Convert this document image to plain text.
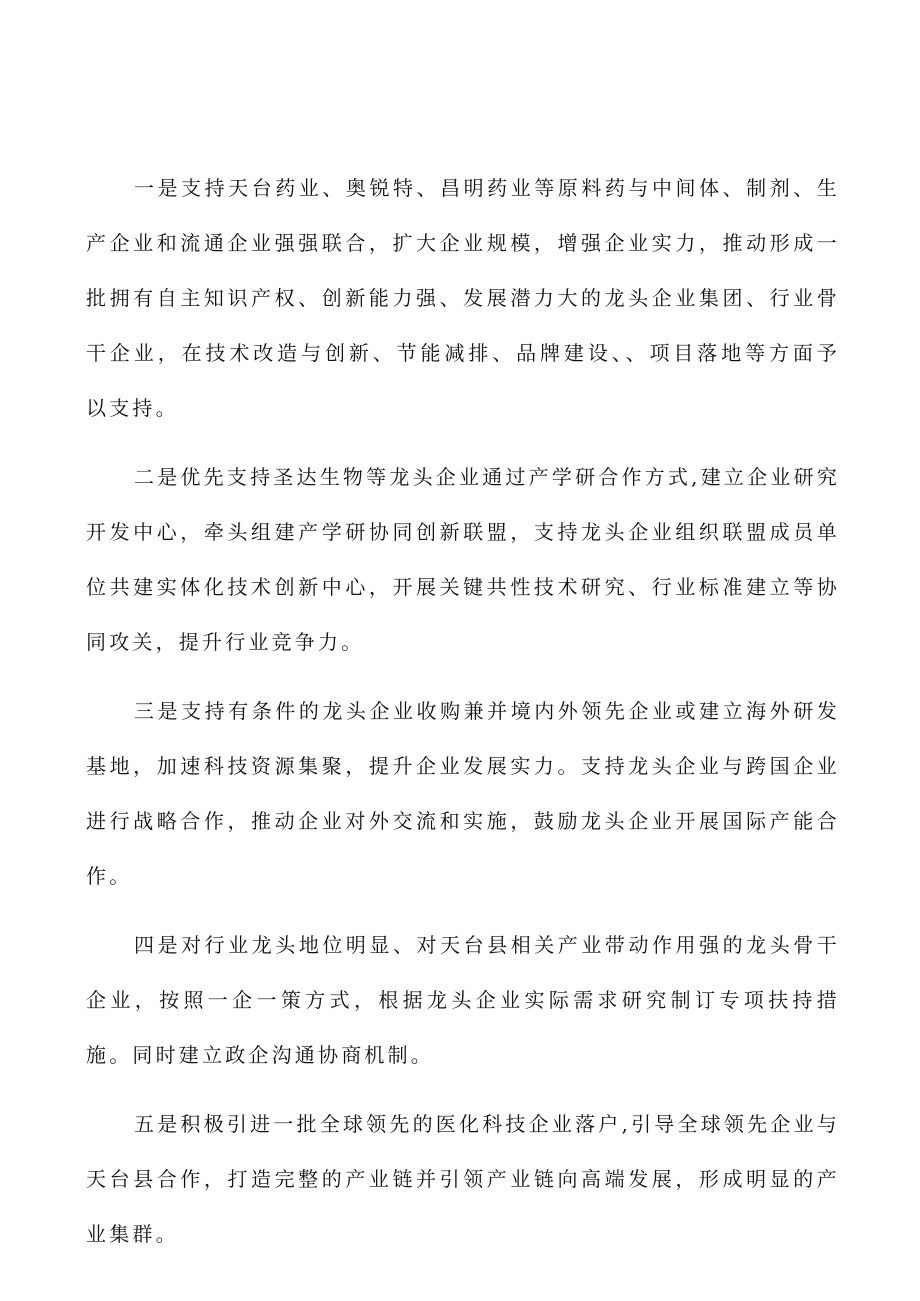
一是支持天台药业、奥锐特、昌明药业等原料药与中间体、制剂、生产企业和流通企业强强联合，扩大企业规模，增强企业实力，推动形成一批拥有自主知识产权、创新能力强、发展潜力大的龙头企业集团、行业骨干企业，在技术改造与创新、节能减排、品牌建设、、项目落地等方面予以支持。

二是优先支持圣达生物等龙头企业通过产学研合作方式,建立企业研究开发中心，牵头组建产学研协同创新联盟，支持龙头企业组织联盟成员单位共建实体化技术创新中心，开展关键共性技术研究、行业标准建立等协同攻关，提升行业竞争力。

三是支持有条件的龙头企业收购兼并境内外领先企业或建立海外研发基地，加速科技资源集聚，提升企业发展实力。支持龙头企业与跨国企业进行战略合作，推动企业对外交流和实施，鼓励龙头企业开展国际产能合作。

四是对行业龙头地位明显、对天台县相关产业带动作用强的龙头骨干企业，按照一企一策方式，根据龙头企业实际需求研究制订专项扶持措施。同时建立政企沟通协商机制。

五是积极引进一批全球领先的医化科技企业落户,引导全球领先企业与天台县合作，打造完整的产业链并引领产业链向高端发展，形成明显的产业集群。
